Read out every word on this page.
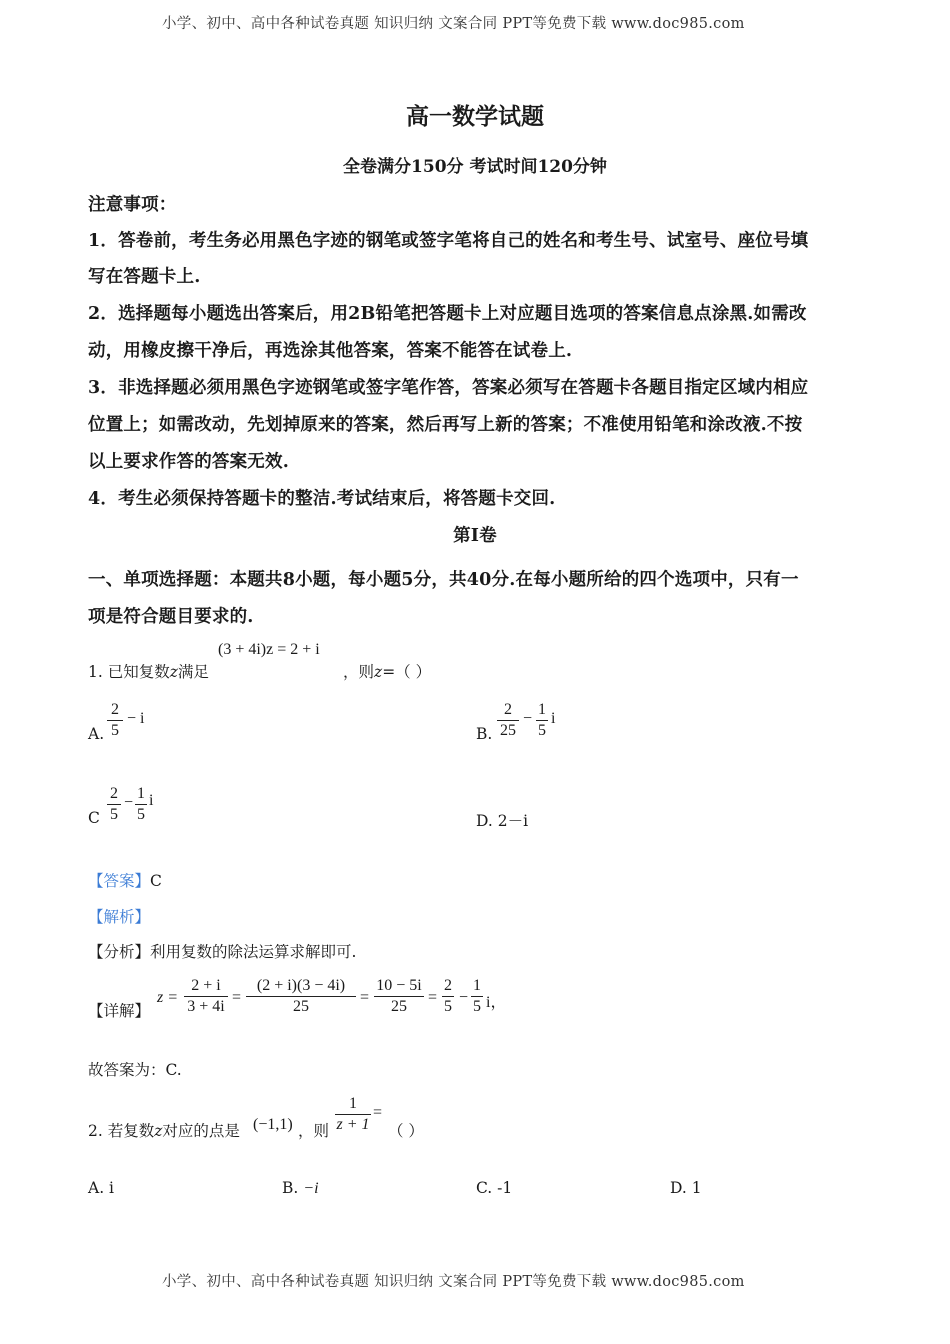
小学、初中、高中各种试卷真题 知识归纳 文案合同 PPT等免费下载 www.doc985.com
小学、初中、高中各种试卷真题 知识归纳 文案合同 PPT等免费下载 www.doc985.com
高一数学试题
全卷满分150分 考试时间120分钟
注意事项：
1．答卷前，考生务必用黑色字迹的钢笔或签字笔将自己的姓名和考生号、试室号、座位号填
写在答题卡上.
2．选择题每小题选出答案后，用2B铅笔把答题卡上对应题目选项的答案信息点涂黑.如需改
动，用橡皮擦干净后，再选涂其他答案，答案不能答在试卷上.
3．非选择题必须用黑色字迹钢笔或签字笔作答，答案必须写在答题卡各题目指定区域内相应
位置上；如需改动，先划掉原来的答案，然后再写上新的答案；不准使用铅笔和涂改液.不按
以上要求作答的答案无效.
4．考生必须保持答题卡的整洁.考试结束后，将答题卡交回.
第I卷
一、单项选择题：本题共8小题，每小题5分，共40分.在每小题所给的四个选项中，只有一
项是符合题目要求的.
1. 已知复数z满足
(3 + 4i)z = 2 + i
，则z=（ ）
A.
2
5
− i
B.
2
25
−
1
5
i
C
2
5
−
1
5
i
D. 2－i
【答案】C
【解析】
【分析】利用复数的除法运算求解即可.
【详解】
z =
2 + i
3 + 4i
=
(2 + i)(3 − 4i)
25
=
10 − 5i
25
=
2
5
−
1
5 i，
故答案为：C.
2. 若复数z对应的点是 (−1,1) ，则
1
z + 1
=
（ ）
A. i	B. −i	C. -1	D. 1
